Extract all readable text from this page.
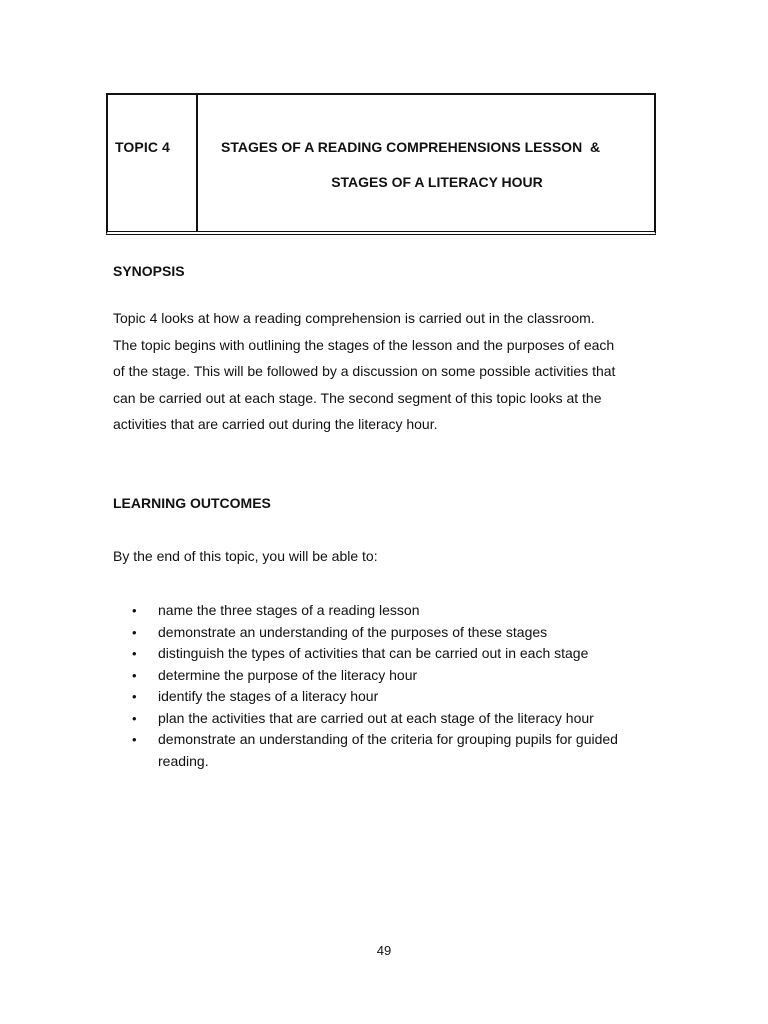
TOPIC 4	STAGES OF A READING COMPREHENSIONS LESSON  &
STAGES OF A LITERACY HOUR
SYNOPSIS
Topic 4 looks at how a reading comprehension is carried out in the classroom.
The topic begins with outlining the stages of the lesson and the purposes of each
of the stage. This will be followed by a discussion on some possible activities that
can be carried out at each stage. The second segment of this topic looks at the
activities that are carried out during the literacy hour.
LEARNING OUTCOMES
By the end of this topic, you will be able to:
• name the three stages of a reading lesson
• demonstrate an understanding of the purposes of these stages
• distinguish the types of activities that can be carried out in each stage
• determine the purpose of the literacy hour
• identify the stages of a literacy hour
• plan the activities that are carried out at each stage of the literacy hour
• demonstrate an understanding of the criteria for grouping pupils for guided reading.
49
